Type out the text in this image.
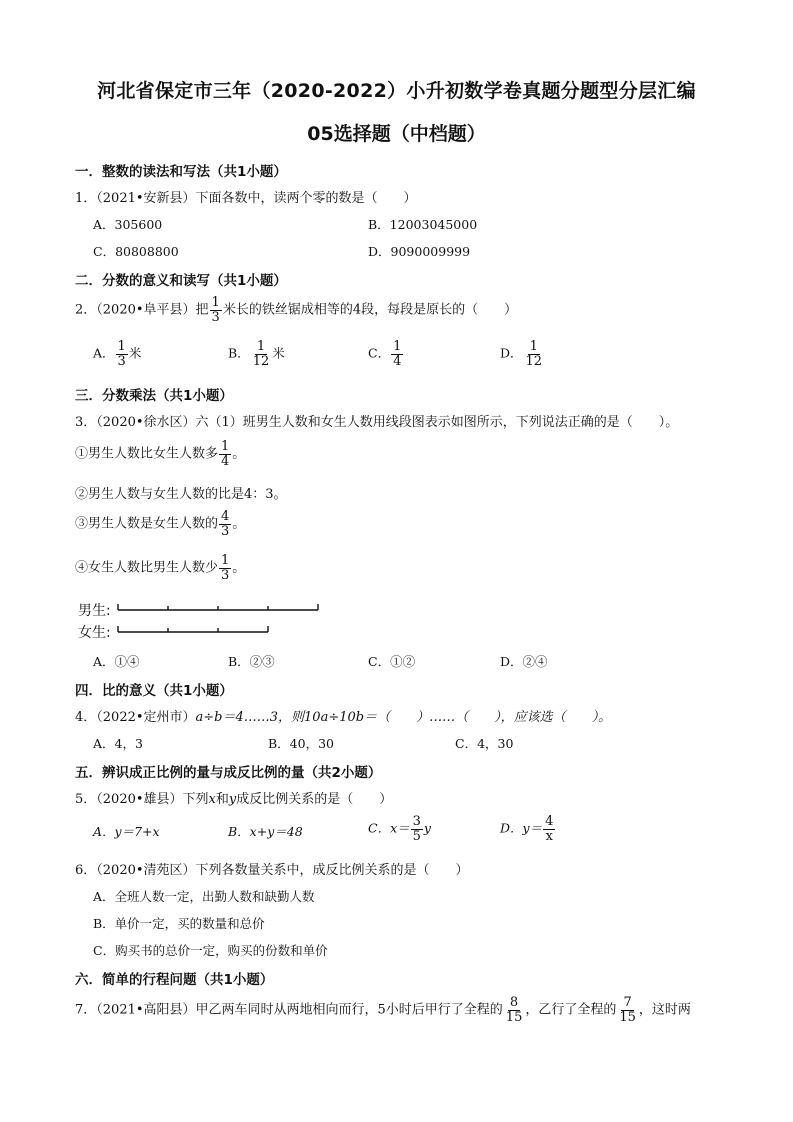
河北省保定市三年（2020-2022）小升初数学卷真题分题型分层汇编
05选择题（中档题）
一．整数的读法和写法（共1小题）
1．（2021•安新县）下面各数中，读两个零的数是（　　）
A．305600	B．12003045000
C．80808800	D．9090009999
二．分数的意义和读写（共1小题）
2．（2020•阜平县）把 $\frac{1}{3}$ 米长的铁丝锯成相等的4段，每段是原长的（　　）
A． $\frac{1}{3}$ 米	B． $\frac{1}{12}$ 米	C． $\frac{1}{4}$	D． $\frac{1}{12}$
三．分数乘法（共1小题）
3．（2020•徐水区）六（1）班男生人数和女生人数用线段图表示如图所示，下列说法正确的是（　　）。
①男生人数比女生人数多 $\frac{1}{4}$ 。
②男生人数与女生人数的比是4：3。
③男生人数是女生人数的 $\frac{4}{3}$ 。
④女生人数比男生人数少 $\frac{1}{3}$ 。
男生:
女生:
A．①④	B．②③	C．①②	D．②④
四．比的意义（共1小题）
4．（2022•定州市）a÷b＝4……3，则10a÷10b＝（　　）……（　　），应该选（　　）。
A．4，3	B．40，30	C．4，30
五．辨识成正比例的量与成反比例的量（共2小题）
5．（2020•雄县）下列x和y成反比例关系的是（　　）
A．y＝7+x	B．x+y＝48	C．$x= \frac{3}{5}$ y	D．$y= \frac{4}{x}$
6．（2020•清苑区）下列各数量关系中，成反比例关系的是（　　）
A．全班人数一定，出勤人数和缺勤人数
B．单价一定，买的数量和总价
C．购买书的总价一定，购买的份数和单价
六．简单的行程问题（共1小题）
7．（2021•高阳县）甲乙两车同时从两地相向而行，5小时后甲行了全程的 $\frac{8}{15}$ ，乙行了全程的 $\frac{7}{15}$ ，这时两
